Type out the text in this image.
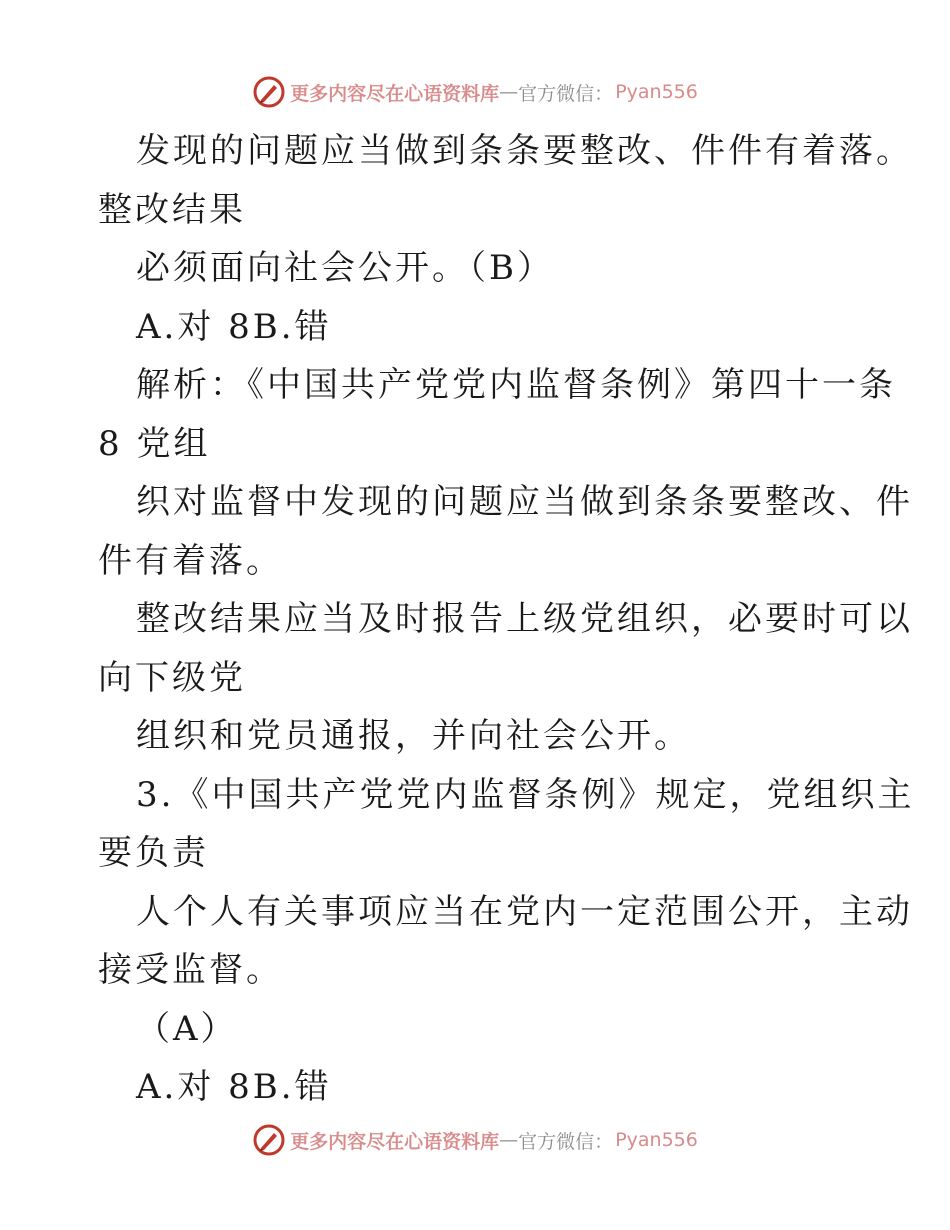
更多内容尽在心语资料库 — 官方微信： Pyan556
发现的问题应当做到条条要整改、件件有着落。
整改结果
必须面向社会公开。（B）
A.对 8B.错
解析：《中国共产党党内监督条例》第四十一条
8 党组
织对监督中发现的问题应当做到条条要整改、件
件有着落。
整改结果应当及时报告上级党组织，必要时可以
向下级党
组织和党员通报，并向社会公开。
3.《中国共产党党内监督条例》规定，党组织主
要负责
人个人有关事项应当在党内一定范围公开，主动
接受监督。
（A）
A.对 8B.错
更多内容尽在心语资料库 — 官方微信： Pyan556
